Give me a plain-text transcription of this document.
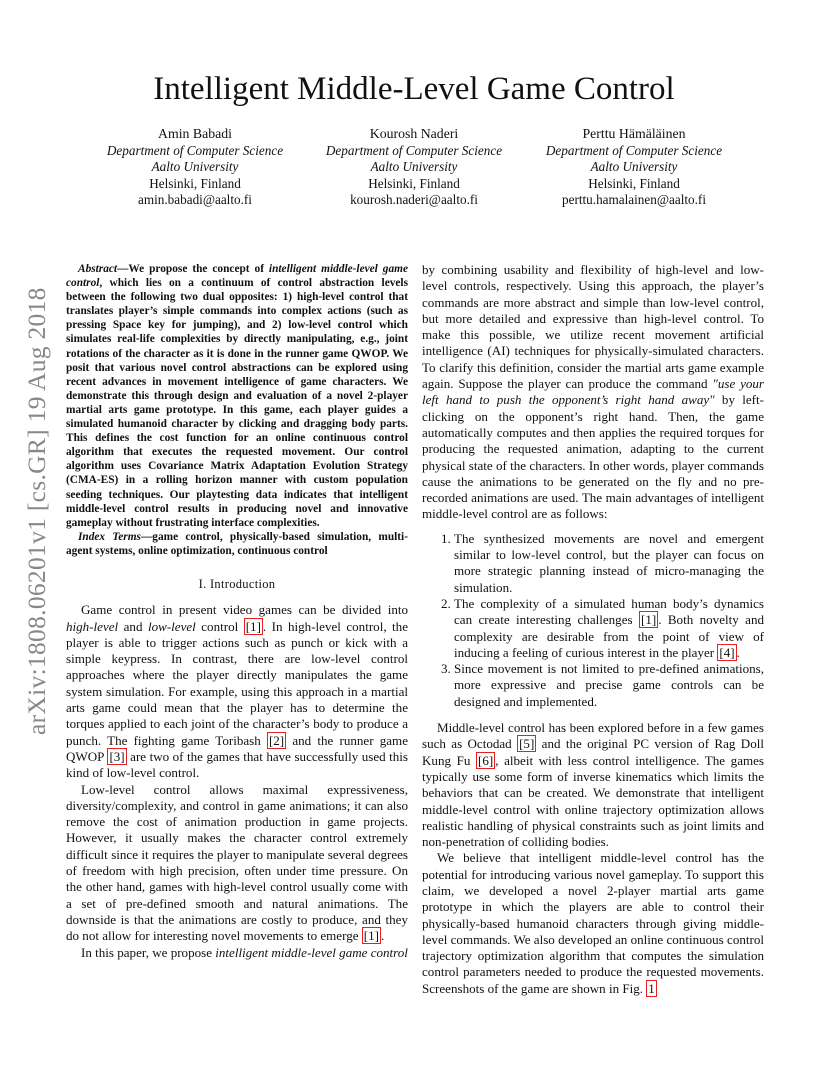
Intelligent Middle-Level Game Control
Amin Babadi
Department of Computer Science
Aalto University
Helsinki, Finland
amin.babadi@aalto.fi
Kourosh Naderi
Department of Computer Science
Aalto University
Helsinki, Finland
kourosh.naderi@aalto.fi
Perttu Hämäläinen
Department of Computer Science
Aalto University
Helsinki, Finland
perttu.hamalainen@aalto.fi
arXiv:1808.06201v1 [cs.GR] 19 Aug 2018

Abstract—We propose the concept of intelligent middle-level game control, which lies on a continuum of control abstraction levels between the following two dual opposites: 1) high-level control that translates player’s simple commands into complex actions (such as pressing Space key for jumping), and 2) low-level control which simulates real-life complexities by directly manipulating, e.g., joint rotations of the character as it is done in the runner game QWOP. We posit that various novel control abstractions can be explored using recent advances in movement intelligence of game characters. We demonstrate this through design and evaluation of a novel 2-player martial arts game prototype. In this game, each player guides a simulated humanoid character by clicking and dragging body parts. This defines the cost function for an online continuous control algorithm that executes the requested movement. Our control algorithm uses Covariance Matrix Adaptation Evolution Strategy (CMA-ES) in a rolling horizon manner with custom population seeding techniques. Our playtesting data indicates that intelligent middle-level control results in producing novel and innovative gameplay without frustrating interface complexities.

Index Terms—game control, physically-based simulation, multi-agent systems, online optimization, continuous control

I. Introduction

Game control in present video games can be divided into high-level and low-level control [1] . In high-level control, the player is able to trigger actions such as punch or kick with a simple keypress. In contrast, there are low-level control approaches where the player directly manipulates the game system simulation. For example, using this approach in a martial arts game could mean that the player has to determine the torques applied to each joint of the character’s body to produce a punch. The fighting game Toribash [2] and the runner game QWOP [3] are two of the games that have successfully used this kind of low-level control.

Low-level control allows maximal expressiveness, diversity/complexity, and control in game animations; it can also remove the cost of animation production in game projects. However, it usually makes the character control extremely difficult since it requires the player to manipulate several degrees of freedom with high precision, often under time pressure. On the other hand, games with high-level control usually come with a set of pre-defined smooth and natural animations. The downside is that the animations are costly to produce, and they do not allow for interesting novel movements to emerge [1] .

In this paper, we propose intelligent middle-level game control

by combining usability and flexibility of high-level and low-level controls, respectively. Using this approach, the player’s commands are more abstract and simple than low-level control, but more detailed and expressive than high-level control. To make this possible, we utilize recent movement artificial intelligence (AI) techniques for physically-simulated characters. To clarify this definition, consider the martial arts game example again. Suppose the player can produce the command "use your left hand to push the opponent’s right hand away" by left-clicking on the opponent’s right hand. Then, the game automatically computes and then applies the required torques for producing the requested animation, adapting to the current physical state of the characters. In other words, player commands cause the animations to be generated on the fly and no pre-recorded animations are used. The main advantages of intelligent middle-level control are as follows:

1. The synthesized movements are novel and emergent similar to low-level control, but the player can focus on more strategic planning instead of micro-managing the simulation.
2. The complexity of a simulated human body’s dynamics can create interesting challenges [1] . Both novelty and complexity are desirable from the point of view of inducing a feeling of curious interest in the player [4] .
3. Since movement is not limited to pre-defined animations, more expressive and precise game controls can be designed and implemented.

Middle-level control has been explored before in a few games such as Octodad [5] and the original PC version of Rag Doll Kung Fu [6] , albeit with less control intelligence. The games typically use some form of inverse kinematics which limits the behaviors that can be created. We demonstrate that intelligent middle-level control with online trajectory optimization allows realistic handling of physical constraints such as joint limits and non-penetration of colliding bodies.

We believe that intelligent middle-level control has the potential for introducing various novel gameplay. To support this claim, we developed a novel 2-player martial arts game prototype in which the players are able to control their physically-based humanoid characters through giving middle-level commands. We also developed an online continuous control trajectory optimization algorithm that computes the simulation control parameters needed to produce the requested movements. Screenshots of the game are shown in Fig. 1
